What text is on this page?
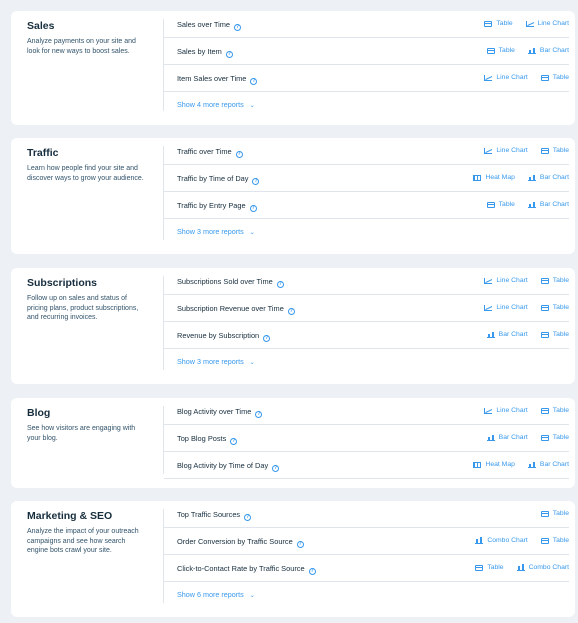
Sales
Analyze payments on your site and look for new ways to boost sales.
Sales over Time ?	Table	Line Chart
Sales by Item ?	Table	Bar Chart
Item Sales over Time ?	Line Chart	Table
Show 4 more reports ⌄
Traffic
Learn how people find your site and discover ways to grow your audience.
Traffic over Time ?	Line Chart	Table
Traffic by Time of Day ?	Heat Map	Bar Chart
Traffic by Entry Page ?	Table	Bar Chart
Show 3 more reports ⌄
Subscriptions
Follow up on sales and status of pricing plans, product subscriptions, and recurring invoices.
Subscriptions Sold over Time ?	Line Chart	Table
Subscription Revenue over Time ?	Line Chart	Table
Revenue by Subscription ?	Bar Chart	Table
Show 3 more reports ⌄
Blog
See how visitors are engaging with your blog.
Blog Activity over Time ?	Line Chart	Table
Top Blog Posts ?	Bar Chart	Table
Blog Activity by Time of Day ?	Heat Map	Bar Chart
Marketing & SEO
Analyze the impact of your outreach campaigns and see how search engine bots crawl your site.
Top Traffic Sources ?	Table
Order Conversion by Traffic Source ?	Combo Chart	Table
Click-to-Contact Rate by Traffic Source ?	Table	Combo Chart
Show 6 more reports ⌄
